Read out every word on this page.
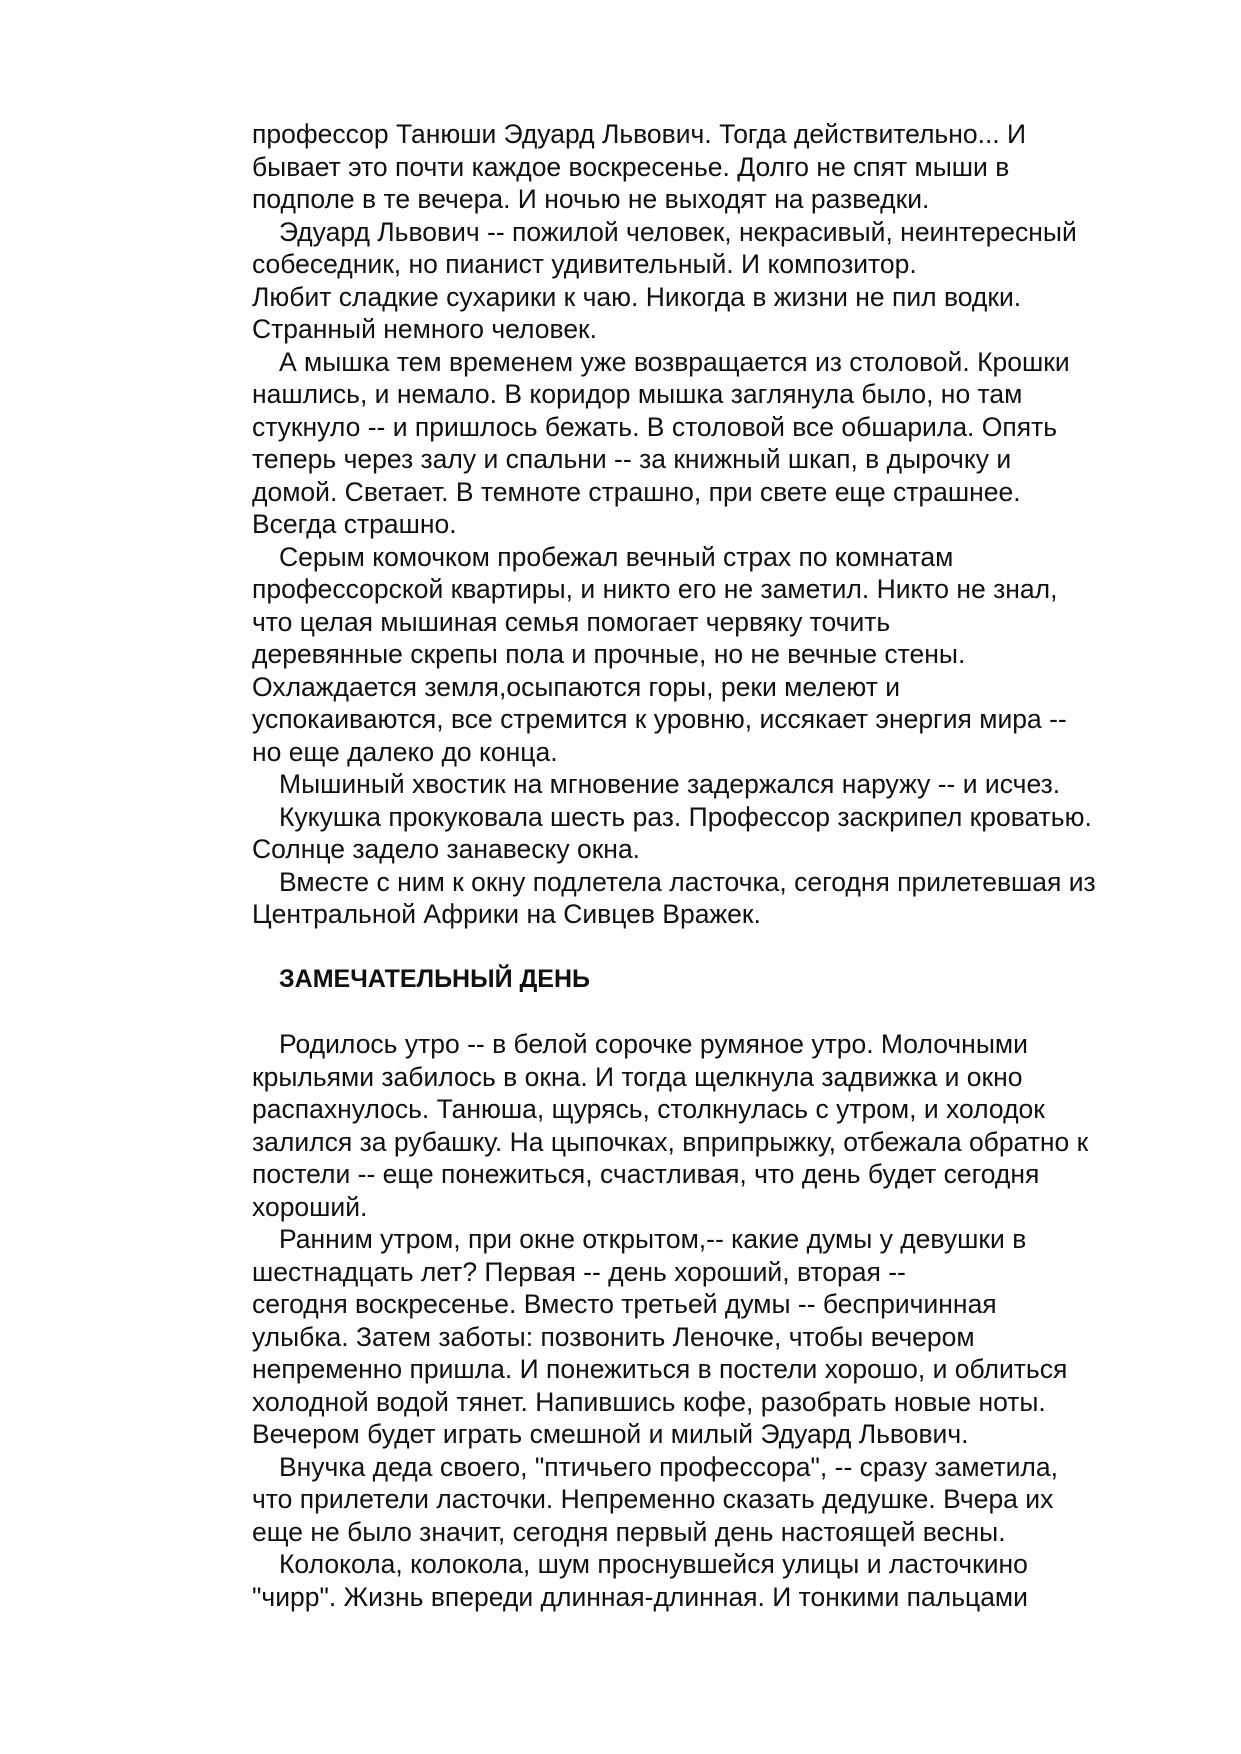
профессор Танюши Эдуард Львович. Тогда действительно... И
бывает это почти каждое воскресенье. Долго не спят мыши в
подполе в те вечера. И ночью не выходят на разведки.
Эдуард Львович -- пожилой человек, некрасивый, неинтересный
собеседник, но пианист удивительный. И композитор.
Любит сладкие сухарики к чаю. Никогда в жизни не пил водки.
Странный немного человек.
А мышка тем временем уже возвращается из столовой. Крошки
нашлись, и немало. В коридор мышка заглянула было, но там
стукнуло -- и пришлось бежать. В столовой все обшарила. Опять
теперь через залу и спальни -- за книжный шкап, в дырочку и
домой. Светает. В темноте страшно, при свете еще страшнее.
Всегда страшно.
Серым комочком пробежал вечный страх по комнатам
профессорской квартиры, и никто его не заметил. Никто не знал,
что целая мышиная семья помогает червяку точить
деревянные скрепы пола и прочные, но не вечные стены.
Охлаждается земля,осыпаются горы, реки мелеют и
успокаиваются, все стремится к уровню, иссякает энергия мира --
но еще далеко до конца.
Мышиный хвостик на мгновение задержался наружу -- и исчез.
Кукушка прокуковала шесть раз. Профессор заскрипел кроватью.
Солнце задело занавеску окна.
Вместе с ним к окну подлетела ласточка, сегодня прилетевшая из
Центральной Африки на Сивцев Вражек.
ЗАМЕЧАТЕЛЬНЫЙ ДЕНЬ
Родилось утро -- в белой сорочке румяное утро. Молочными
крыльями забилось в окна. И тогда щелкнула задвижка и окно
распахнулось. Танюша, щурясь, столкнулась с утром, и холодок
залился за рубашку. На цыпочках, вприпрыжку, отбежала обратно к
постели -- еще понежиться, счастливая, что день будет сегодня
хороший.
Ранним утром, при окне открытом,-- какие думы у девушки в
шестнадцать лет? Первая -- день хороший, вторая --
сегодня воскресенье. Вместо третьей думы -- беспричинная
улыбка. Затем заботы: позвонить Леночке, чтобы вечером
непременно пришла. И понежиться в постели хорошо, и облиться
холодной водой тянет. Напившись кофе, разобрать новые ноты.
Вечером будет играть смешной и милый Эдуард Львович.
Внучка деда своего, "птичьего профессора", -- сразу заметила,
что прилетели ласточки. Непременно сказать дедушке. Вчера их
еще не было значит, сегодня первый день настоящей весны.
Колокола, колокола, шум проснувшейся улицы и ласточкино
"чирр". Жизнь впереди длинная-длинная. И тонкими пальцами
